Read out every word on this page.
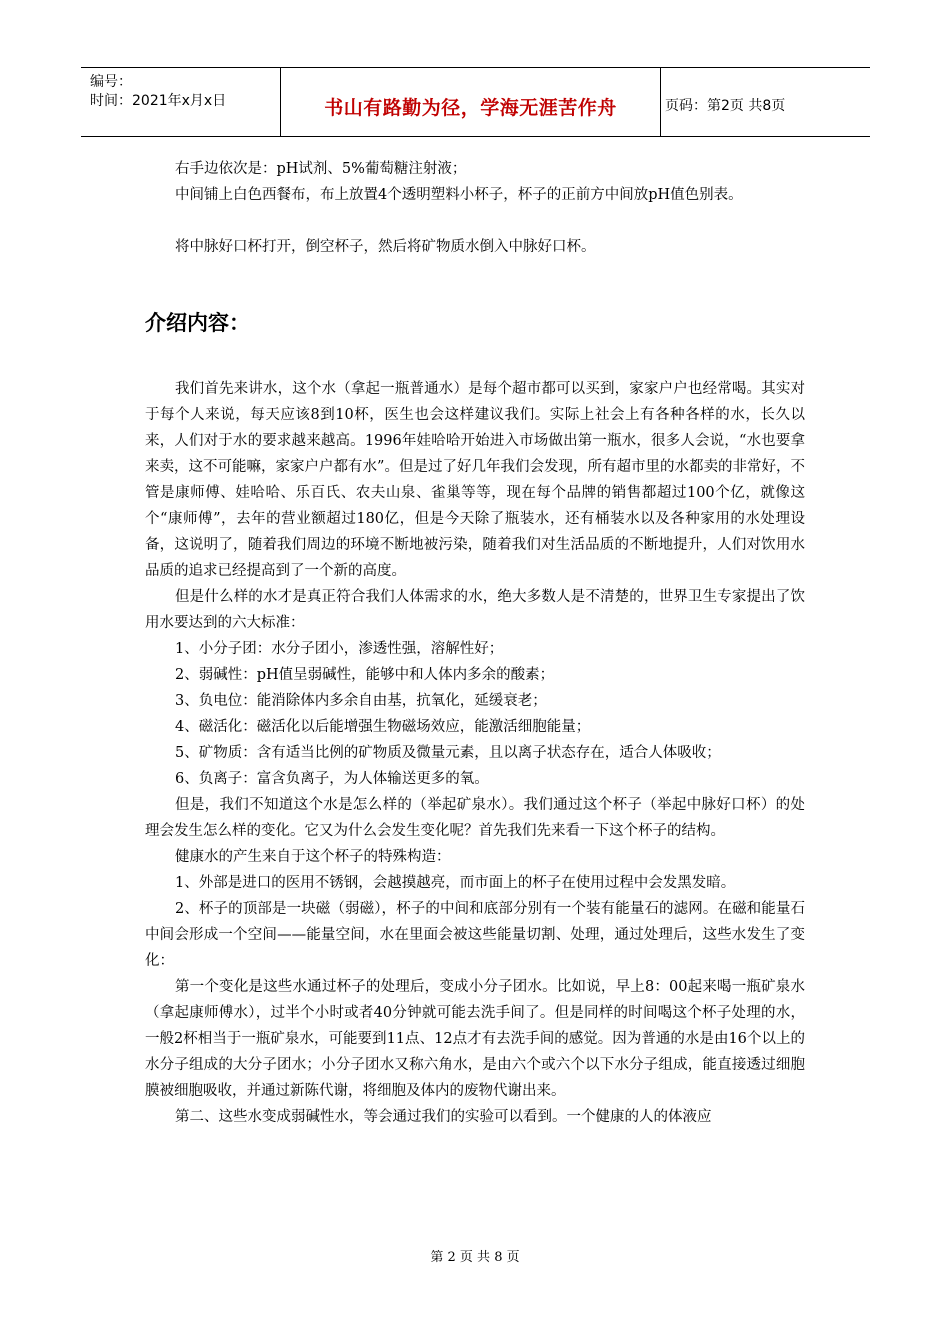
编号：
时间：2021年x月x日	书山有路勤为径，学海无涯苦作舟	页码：第2页 共8页

右手边依次是：pH试剂、5%葡萄糖注射液；

中间铺上白色西餐布，布上放置4个透明塑料小杯子，杯子的正前方中间放pH值色别表。

将中脉好口杯打开，倒空杯子，然后将矿物质水倒入中脉好口杯。

介绍内容：

我们首先来讲水，这个水（拿起一瓶普通水）是每个超市都可以买到，家家户户也经常喝。其实对于每个人来说，每天应该8到10杯，医生也会这样建议我们。实际上社会上有各种各样的水，长久以来，人们对于水的要求越来越高。1996年娃哈哈开始进入市场做出第一瓶水，很多人会说，“水也要拿来卖，这不可能嘛，家家户户都有水”。但是过了好几年我们会发现，所有超市里的水都卖的非常好，不管是康师傅、娃哈哈、乐百氏、农夫山泉、雀巢等等，现在每个品牌的销售都超过100个亿，就像这个“康师傅”，去年的营业额超过180亿，但是今天除了瓶装水，还有桶装水以及各种家用的水处理设备，这说明了，随着我们周边的环境不断地被污染，随着我们对生活品质的不断地提升，人们对饮用水品质的追求已经提高到了一个新的高度。

但是什么样的水才是真正符合我们人体需求的水，绝大多数人是不清楚的，世界卫生专家提出了饮用水要达到的六大标准：

1、小分子团：水分子团小，渗透性强，溶解性好；

2、弱碱性：pH值呈弱碱性，能够中和人体内多余的酸素；

3、负电位：能消除体内多余自由基，抗氧化，延缓衰老；

4、磁活化：磁活化以后能增强生物磁场效应，能激活细胞能量；

5、矿物质：含有适当比例的矿物质及微量元素，且以离子状态存在，适合人体吸收；

6、负离子：富含负离子，为人体输送更多的氧。

但是，我们不知道这个水是怎么样的（举起矿泉水）。我们通过这个杯子（举起中脉好口杯）的处理会发生怎么样的变化。它又为什么会发生变化呢？首先我们先来看一下这个杯子的结构。

健康水的产生来自于这个杯子的特殊构造：

1、外部是进口的医用不锈钢，会越摸越亮，而市面上的杯子在使用过程中会发黑发暗。

2、杯子的顶部是一块磁（弱磁），杯子的中间和底部分别有一个装有能量石的滤网。在磁和能量石中间会形成一个空间——能量空间，水在里面会被这些能量切割、处理，通过处理后，这些水发生了变化：

第一个变化是这些水通过杯子的处理后，变成小分子团水。比如说，早上8：00起来喝一瓶矿泉水（拿起康师傅水），过半个小时或者40分钟就可能去洗手间了。但是同样的时间喝这个杯子处理的水，一般2杯相当于一瓶矿泉水，可能要到11点、12点才有去洗手间的感觉。因为普通的水是由16个以上的水分子组成的大分子团水；小分子团水又称六角水，是由六个或六个以下水分子组成，能直接透过细胞膜被细胞吸收，并通过新陈代谢，将细胞及体内的废物代谢出来。

第二、这些水变成弱碱性水，等会通过我们的实验可以看到。一个健康的人的体液应

第 2 页 共 8 页
